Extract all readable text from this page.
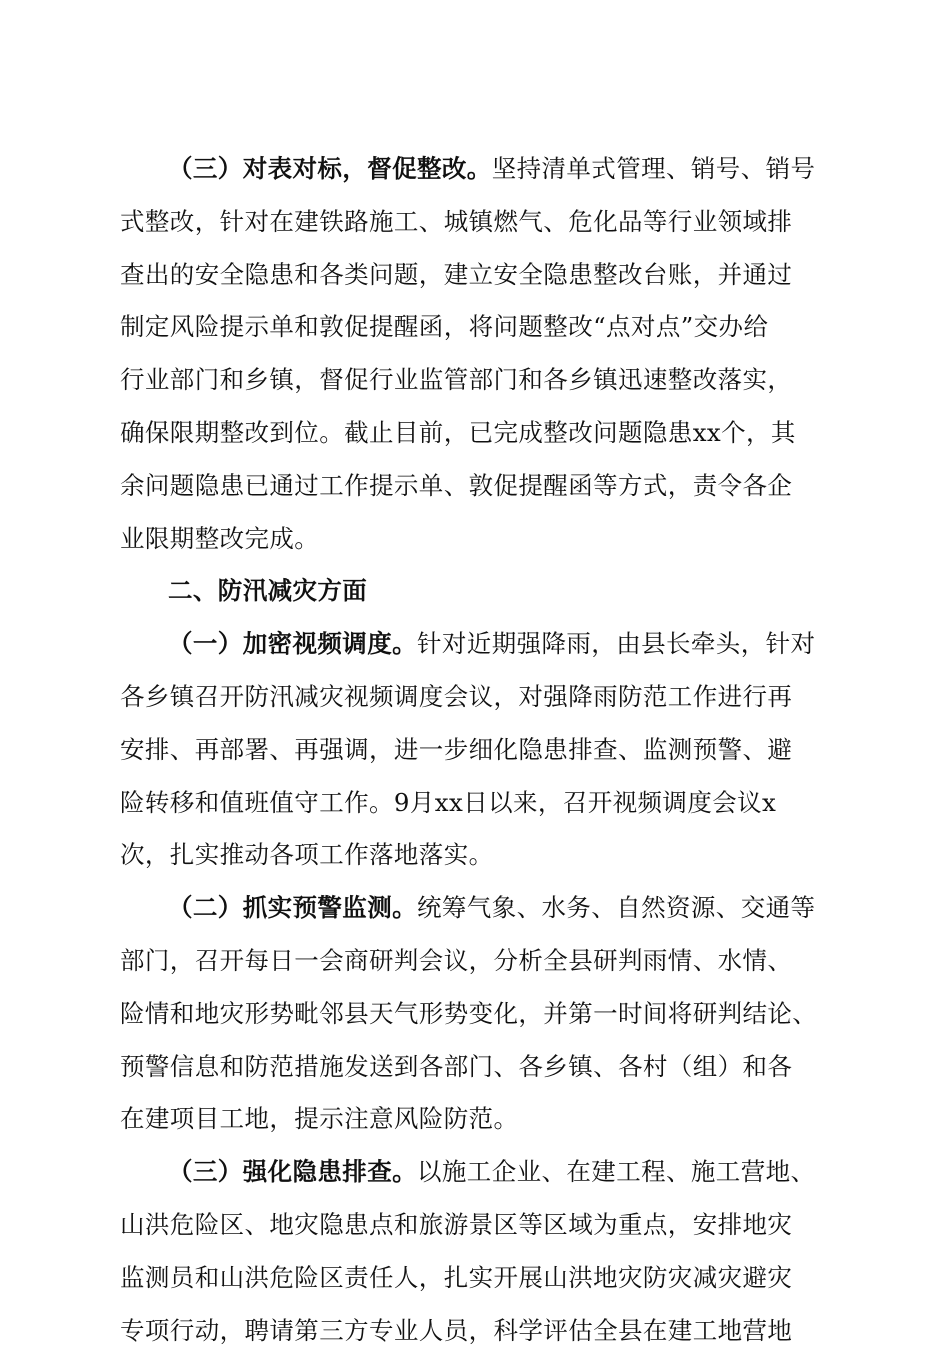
（三）对表对标，督促整改。坚持清单式管理、销号、销号
式整改，针对在建铁路施工、城镇燃气、危化品等行业领域排
查出的安全隐患和各类问题，建立安全隐患整改台账，并通过
制定风险提示单和敦促提醒函，将问题整改“点对点”交办给
行业部门和乡镇，督促行业监管部门和各乡镇迅速整改落实，
确保限期整改到位。截止目前，已完成整改问题隐患xx个，其
余问题隐患已通过工作提示单、敦促提醒函等方式，责令各企
业限期整改完成。
二、防汛减灾方面
（一）加密视频调度。针对近期强降雨，由县长牵头，针对
各乡镇召开防汛减灾视频调度会议，对强降雨防范工作进行再
安排、再部署、再强调，进一步细化隐患排查、监测预警、避
险转移和值班值守工作。9月xx日以来，召开视频调度会议x
次，扎实推动各项工作落地落实。
（二）抓实预警监测。统筹气象、水务、自然资源、交通等
部门，召开每日一会商研判会议，分析全县研判雨情、水情、
险情和地灾形势毗邻县天气形势变化，并第一时间将研判结论、
预警信息和防范措施发送到各部门、各乡镇、各村（组）和各
在建项目工地，提示注意风险防范。
（三）强化隐患排查。以施工企业、在建工程、施工营地、
山洪危险区、地灾隐患点和旅游景区等区域为重点，安排地灾
监测员和山洪危险区责任人，扎实开展山洪地灾防灾减灾避灾
专项行动，聘请第三方专业人员，科学评估全县在建工地营地
